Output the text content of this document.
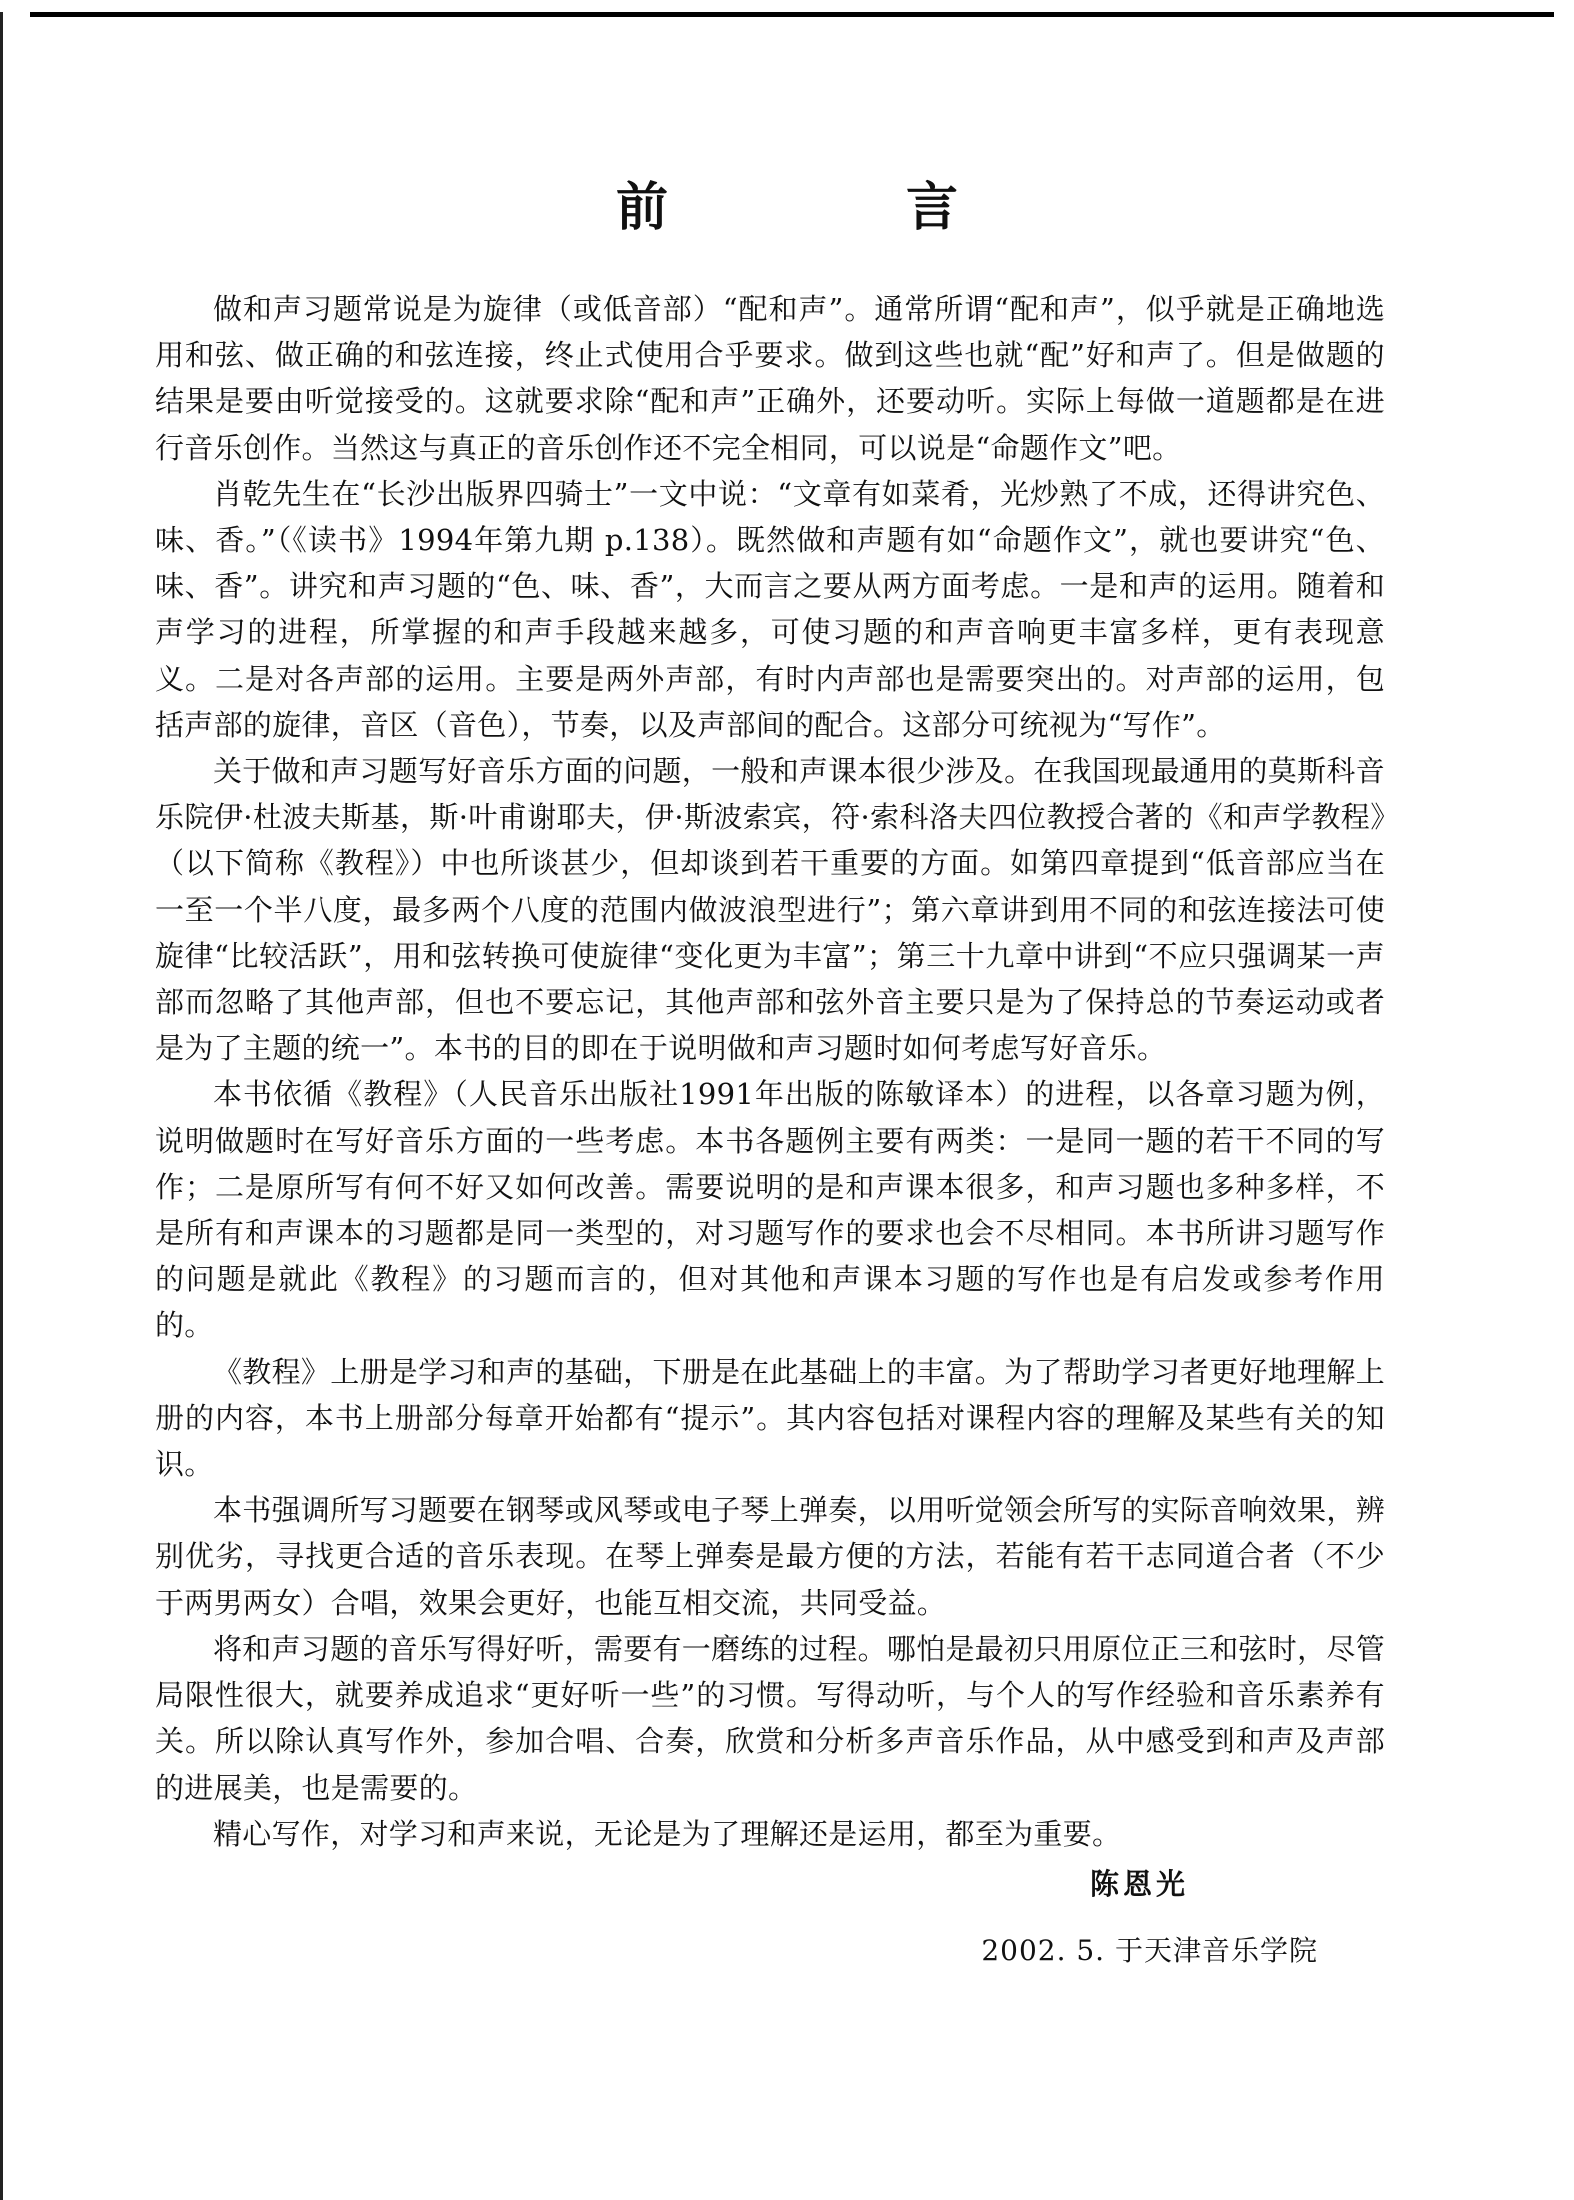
前 言

做和声习题常说是为旋律（或低音部）“配和声”。通常所谓“配和声”，似乎就是正确地选用和弦、做正确的和弦连接，终止式使用合乎要求。做到这些也就“配”好和声了。但是做题的结果是要由听觉接受的。这就要求除“配和声”正确外，还要动听。实际上每做一道题都是在进行音乐创作。当然这与真正的音乐创作还不完全相同，可以说是“命题作文”吧。

肖乾先生在“长沙出版界四骑士”一文中说：“文章有如菜肴，光炒熟了不成，还得讲究色、味、香。”（《读书》1994年第九期 p.138）。既然做和声题有如“命题作文”，就也要讲究“色、味、香”。讲究和声习题的“色、味、香”，大而言之要从两方面考虑。一是和声的运用。随着和声学习的进程，所掌握的和声手段越来越多，可使习题的和声音响更丰富多样，更有表现意义。二是对各声部的运用。主要是两外声部，有时内声部也是需要突出的。对声部的运用，包括声部的旋律，音区（音色），节奏，以及声部间的配合。这部分可统视为“写作”。

关于做和声习题写好音乐方面的问题，一般和声课本很少涉及。在我国现最通用的莫斯科音乐院伊·杜波夫斯基，斯·叶甫谢耶夫，伊·斯波索宾，符·索科洛夫四位教授合著的《和声学教程》（以下简称《教程》）中也所谈甚少，但却谈到若干重要的方面。如第四章提到“低音部应当在一至一个半八度，最多两个八度的范围内做波浪型进行”；第六章讲到用不同的和弦连接法可使旋律“比较活跃”，用和弦转换可使旋律“变化更为丰富”；第三十九章中讲到“不应只强调某一声部而忽略了其他声部，但也不要忘记，其他声部和弦外音主要只是为了保持总的节奏运动或者是为了主题的统一”。本书的目的即在于说明做和声习题时如何考虑写好音乐。

本书依循《教程》（人民音乐出版社1991年出版的陈敏译本）的进程，以各章习题为例，说明做题时在写好音乐方面的一些考虑。本书各题例主要有两类：一是同一题的若干不同的写作；二是原所写有何不好又如何改善。需要说明的是和声课本很多，和声习题也多种多样，不是所有和声课本的习题都是同一类型的，对习题写作的要求也会不尽相同。本书所讲习题写作的问题是就此《教程》的习题而言的，但对其他和声课本习题的写作也是有启发或参考作用的。

《教程》上册是学习和声的基础，下册是在此基础上的丰富。为了帮助学习者更好地理解上册的内容，本书上册部分每章开始都有“提示”。其内容包括对课程内容的理解及某些有关的知识。

本书强调所写习题要在钢琴或风琴或电子琴上弹奏，以用听觉领会所写的实际音响效果，辨别优劣，寻找更合适的音乐表现。在琴上弹奏是最方便的方法，若能有若干志同道合者（不少于两男两女）合唱，效果会更好，也能互相交流，共同受益。

将和声习题的音乐写得好听，需要有一磨练的过程。哪怕是最初只用原位正三和弦时，尽管局限性很大，就要养成追求“更好听一些”的习惯。写得动听，与个人的写作经验和音乐素养有关。所以除认真写作外，参加合唱、合奏，欣赏和分析多声音乐作品，从中感受到和声及声部的进展美，也是需要的。

精心写作，对学习和声来说，无论是为了理解还是运用，都至为重要。

陈恩光
2002. 5. 于天津音乐学院
